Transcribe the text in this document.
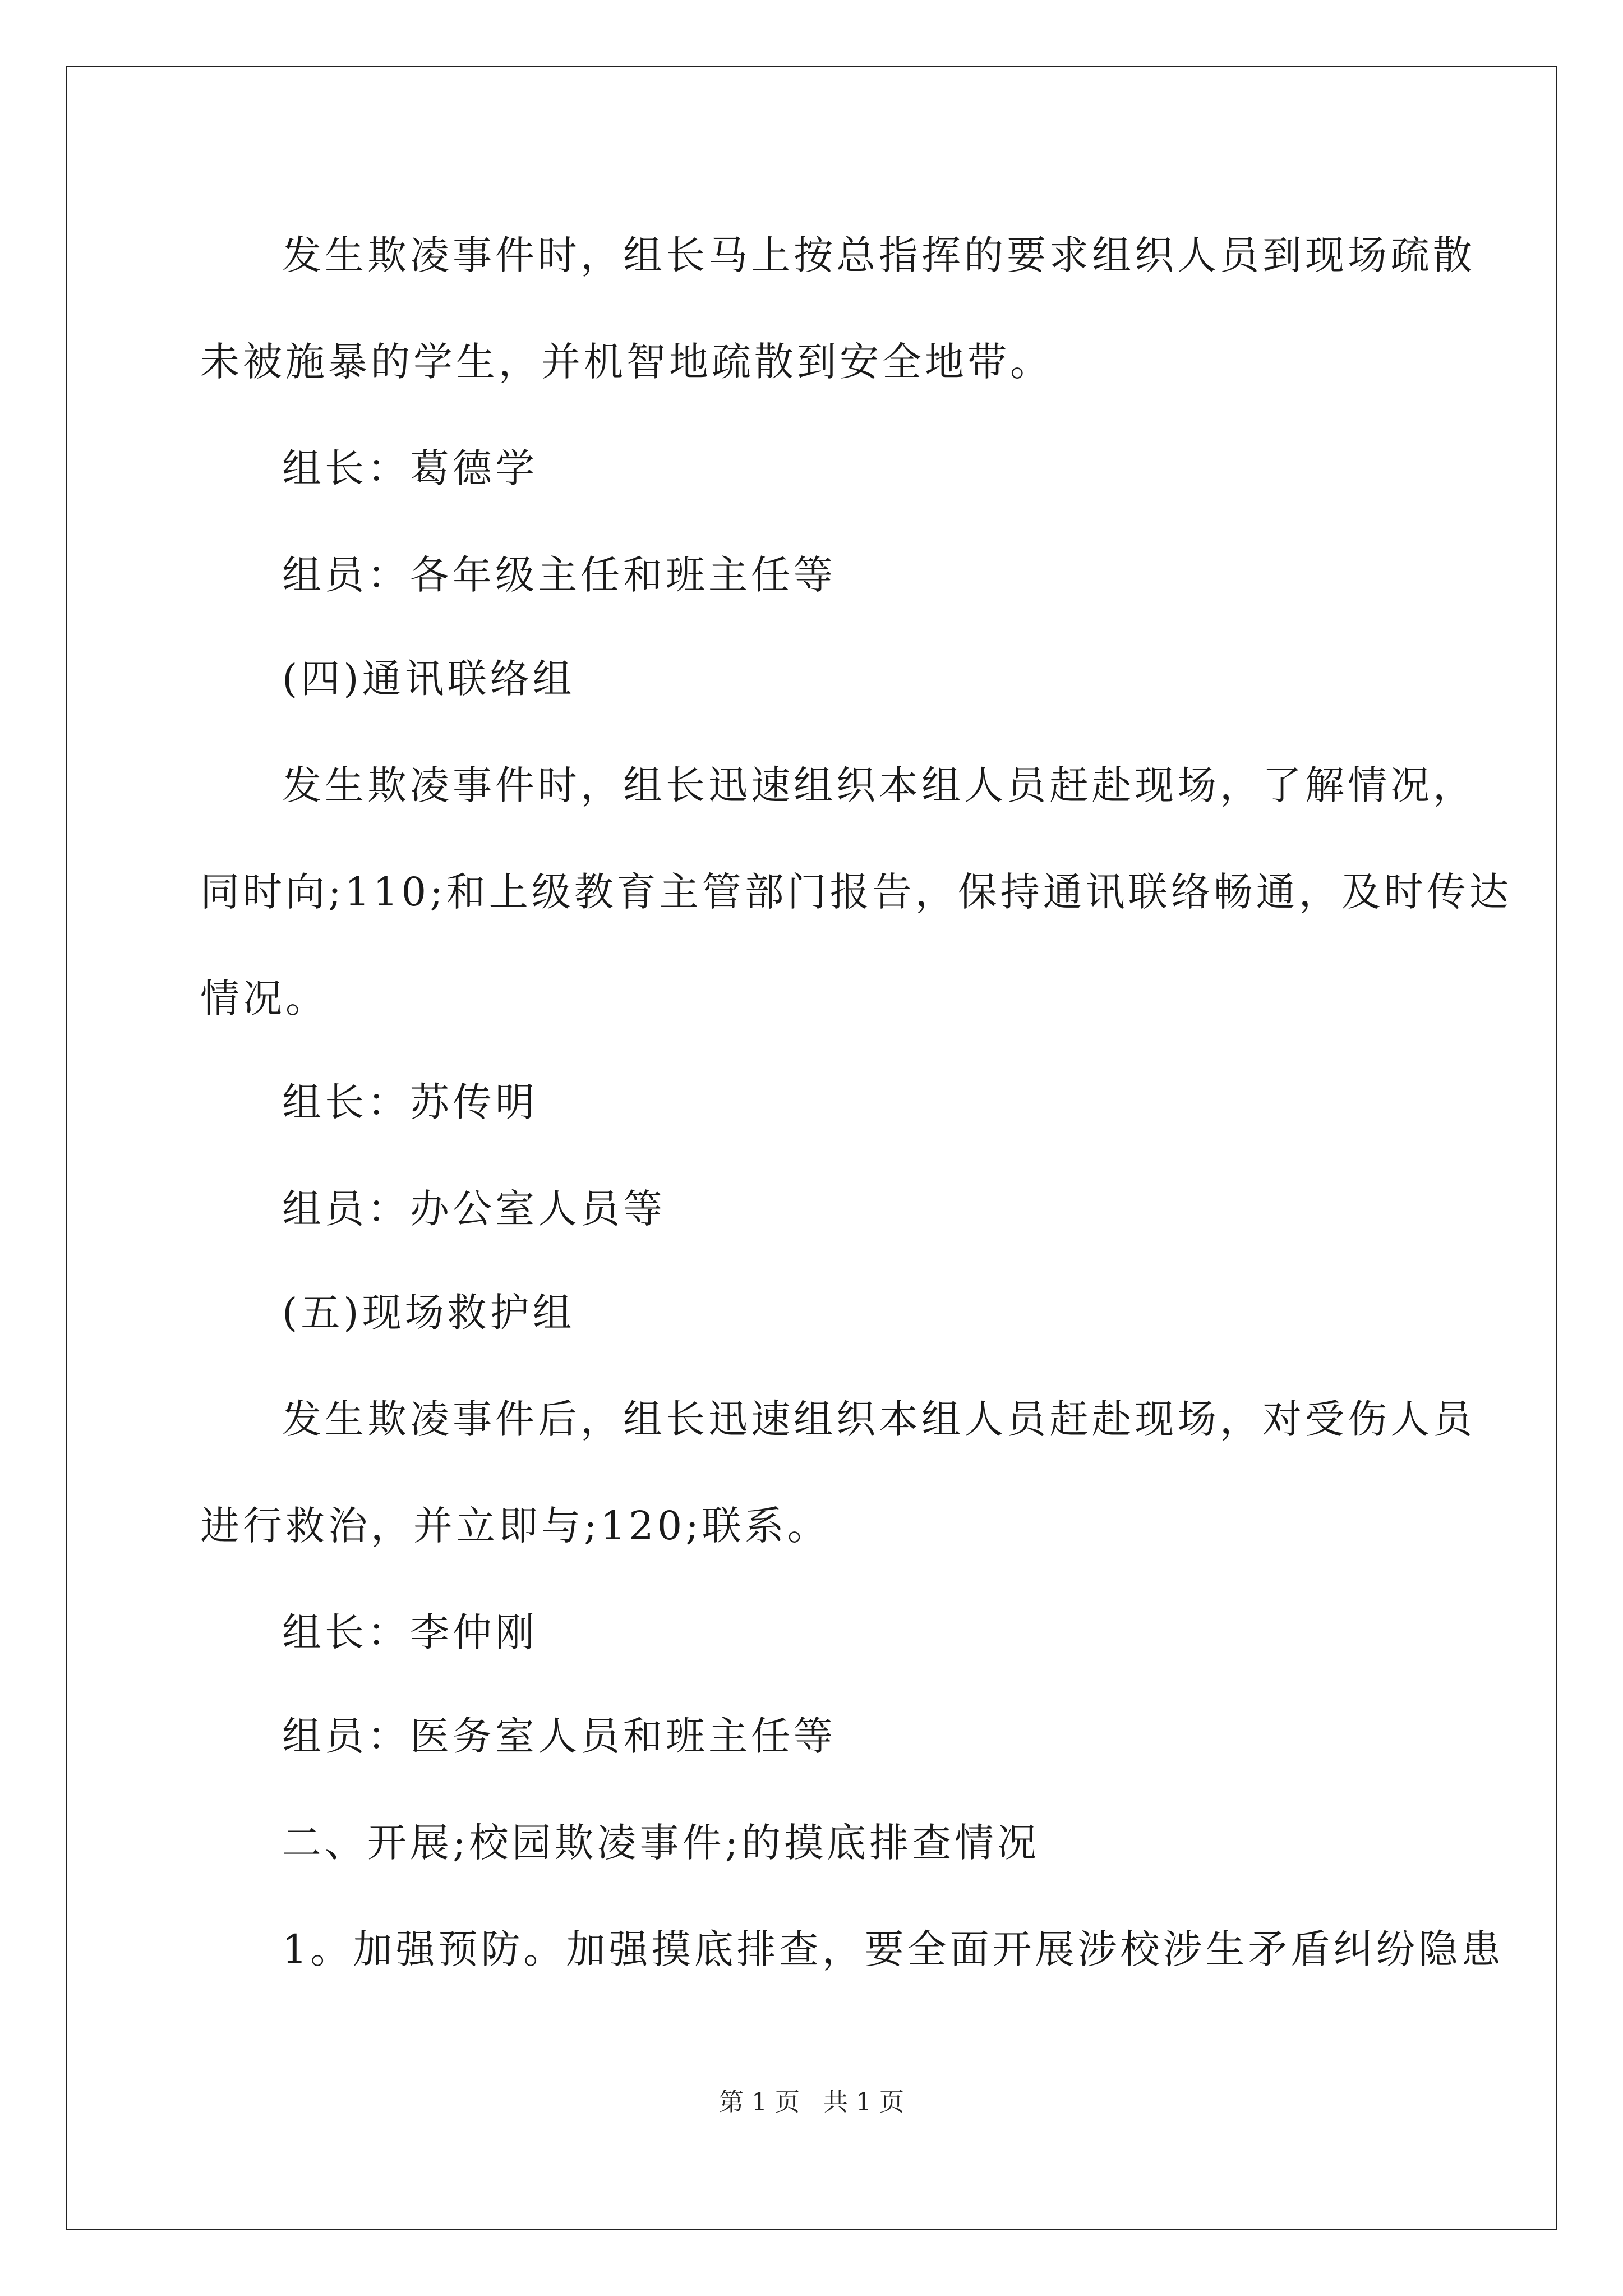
发生欺凌事件时，组长马上按总指挥的要求组织人员到现场疏散
未被施暴的学生，并机智地疏散到安全地带。
组长：葛德学
组员：各年级主任和班主任等
(四)通讯联络组
发生欺凌事件时，组长迅速组织本组人员赶赴现场，了解情况，
同时向;110;和上级教育主管部门报告，保持通讯联络畅通，及时传达
情况。
组长：苏传明
组员：办公室人员等
(五)现场救护组
发生欺凌事件后，组长迅速组织本组人员赶赴现场，对受伤人员
进行救治，并立即与;120;联系。
组长：李仲刚
组员：医务室人员和班主任等
二、开展;校园欺凌事件;的摸底排查情况
1。加强预防。加强摸底排查，要全面开展涉校涉生矛盾纠纷隐患
第 1 页   共 1 页
